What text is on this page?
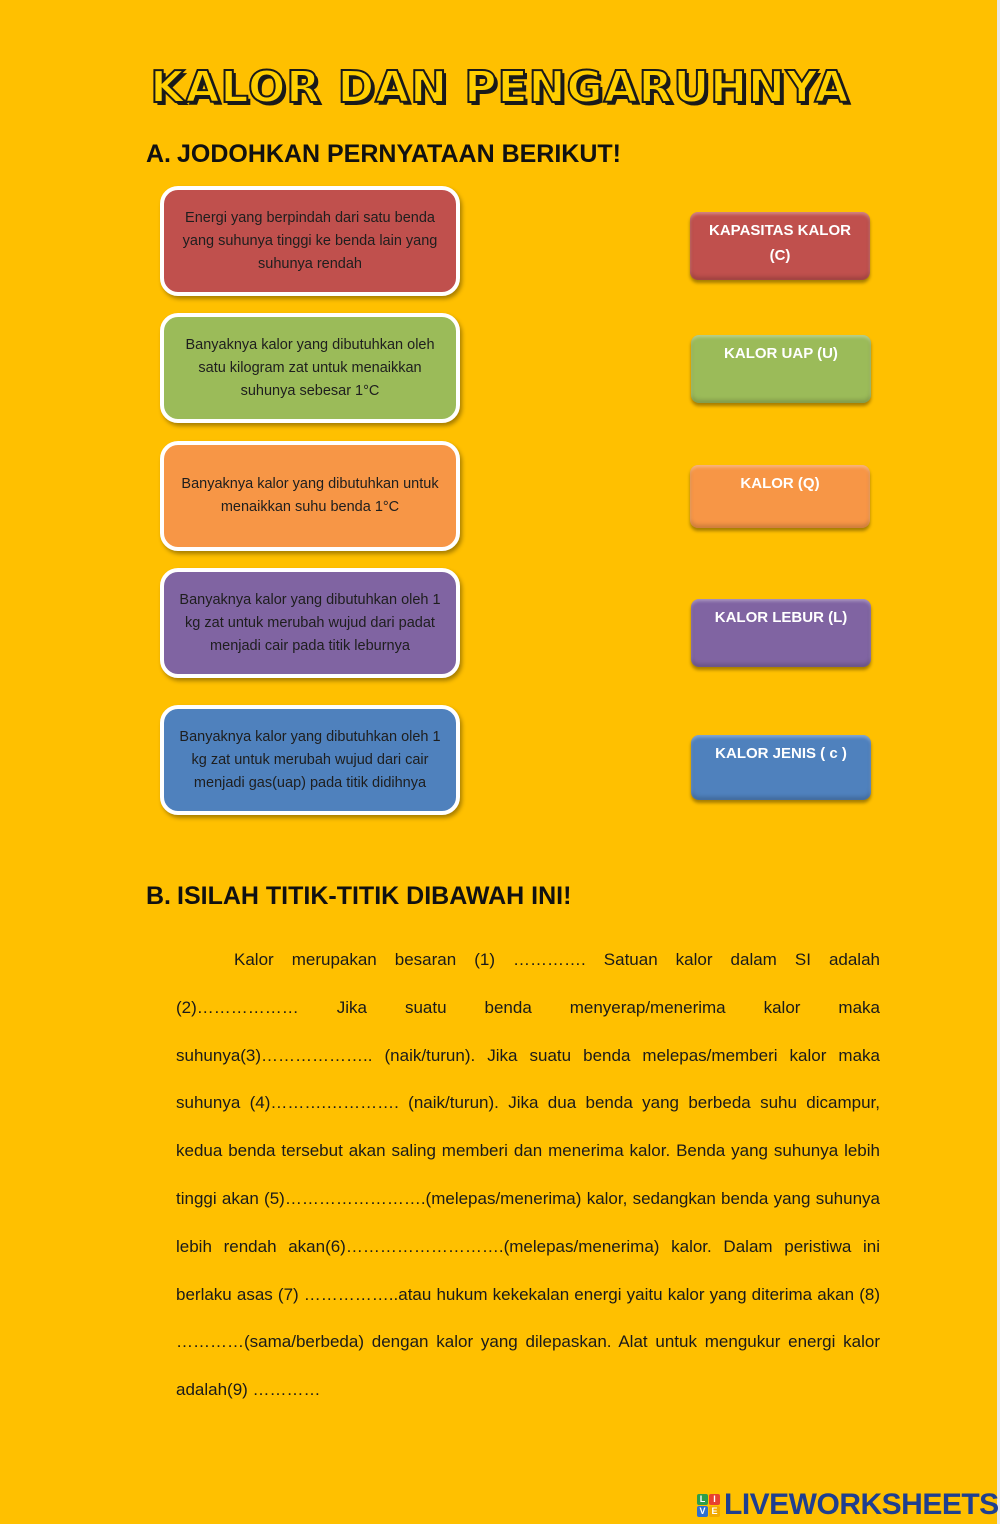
KALOR DAN PENGARUHNYA
A. JODOHKAN PERNYATAAN BERIKUT!
Energi yang berpindah dari satu benda yang suhunya tinggi ke benda lain yang suhunya rendah
Banyaknya kalor yang dibutuhkan oleh satu kilogram zat untuk menaikkan suhunya sebesar 1°C
Banyaknya kalor yang dibutuhkan untuk menaikkan suhu benda 1°C
Banyaknya kalor yang dibutuhkan oleh 1 kg zat untuk merubah wujud dari padat menjadi cair pada titik leburnya
Banyaknya kalor yang dibutuhkan oleh 1 kg zat untuk merubah wujud dari cair menjadi gas(uap) pada titik didihnya
KAPASITAS KALOR
(C)
KALOR UAP (U)
KALOR (Q)
KALOR LEBUR (L)
KALOR JENIS ( c )
B. ISILAH TITIK-TITIK DIBAWAH INI!
Kalor merupakan besaran (1) …………. Satuan kalor dalam SI adalah (2)……………… Jika suatu benda menyerap/menerima kalor maka suhunya(3)……………….. (naik/turun). Jika suatu benda melepas/memberi kalor maka suhunya (4)……….…………. (naik/turun). Jika dua benda yang berbeda suhu dicampur, kedua benda tersebut akan saling memberi dan menerima kalor. Benda yang suhunya lebih tinggi akan (5)…………………….(melepas/menerima) kalor, sedangkan benda yang suhunya lebih rendah akan(6)……………………….(melepas/menerima) kalor. Dalam peristiwa ini berlaku asas (7) ……………..atau hukum kekekalan energi yaitu kalor yang diterima akan (8) …………(sama/berbeda) dengan kalor yang dilepaskan. Alat untuk mengukur energi kalor adalah(9) …………
L I
V E LIVEWORKSHEETS
